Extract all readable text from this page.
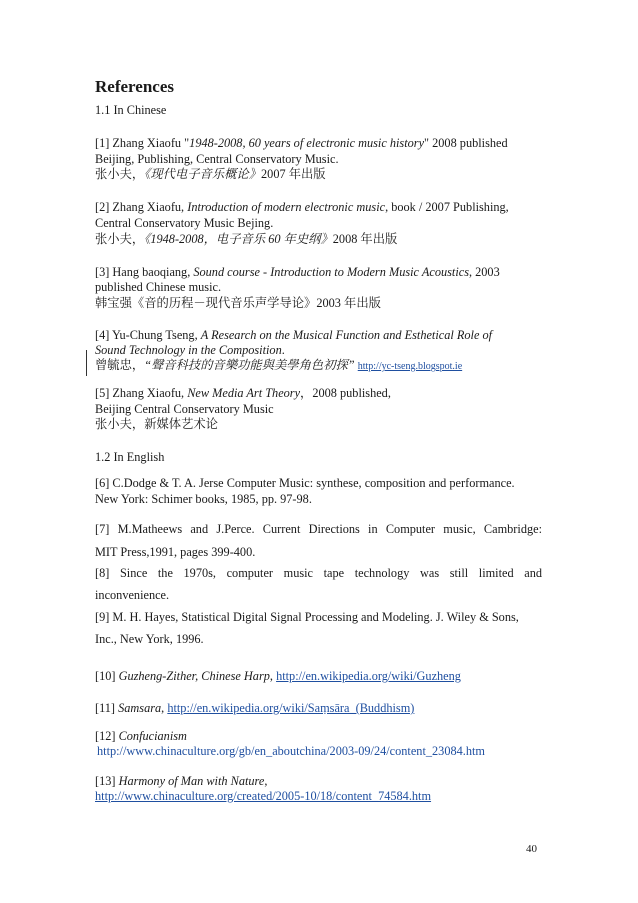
References
1.1 In Chinese
[1] Zhang Xiaofu "1948-2008, 60 years of electronic music history" 2008 published
Beijing, Publishing, Central Conservatory Music.
张小夫，《现代电子音乐概论》2007 年出版
[2] Zhang Xiaofu, Introduction of modern electronic music, book / 2007 Publishing,
Central Conservatory Music Bejing.
张小夫，《1948-2008，电子音乐 60 年史纲》2008 年出版
[3] Hang baoqiang, Sound course - Introduction to Modern Music Acoustics, 2003
published Chinese music.
韩宝强《音的历程－现代音乐声学导论》2003 年出版
[4] Yu-Chung Tseng, A Research on the Musical Function and Esthetical Role of
Sound Technology in the Composition.
曾毓忠，“聲音科技的音樂功能與美學角色初探” http://yc-tseng.blogspot.ie
[5] Zhang Xiaofu, New Media Art Theory，2008 published,
Beijing Central Conservatory Music
张小夫，新媒体艺术论
1.2 In English
[6] C.Dodge & T. A. Jerse Computer Music: synthese, composition and performance.
New York: Schimer books, 1985, pp. 97-98.
[7] M.Matheews and J.Perce. Current Directions in Computer music, Cambridge:
MIT Press,1991, pages 399-400.
[8] Since the 1970s, computer music tape technology was still limited and
inconvenience.
[9] M. H. Hayes, Statistical Digital Signal Processing and Modeling. J. Wiley & Sons,
Inc., New York, 1996.
[10] Guzheng-Zither, Chinese Harp, http://en.wikipedia.org/wiki/Guzheng
[11] Samsara, http://en.wikipedia.org/wiki/Saṃsāra_(Buddhism)
[12] Confucianism
http://www.chinaculture.org/gb/en_aboutchina/2003-09/24/content_23084.htm
[13] Harmony of Man with Nature,
http://www.chinaculture.org/created/2005-10/18/content_74584.htm
40
